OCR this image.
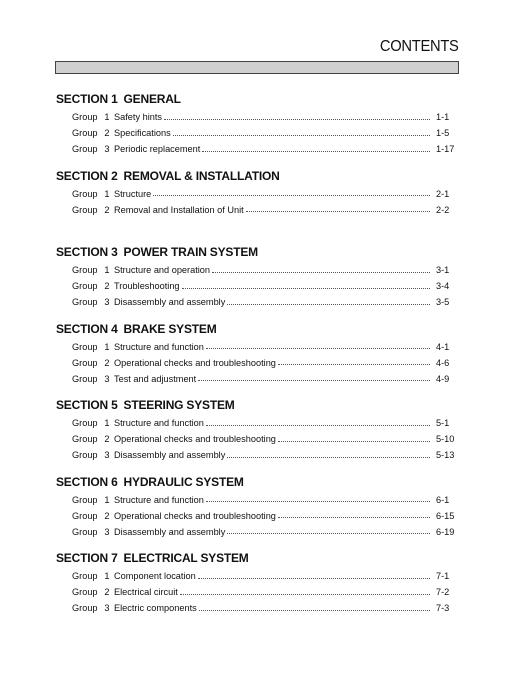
CONTENTS
SECTION 1 GENERAL
Group 1 Safety hints	1-1
Group 2 Specifications	1-5
Group 3 Periodic replacement	1-17
SECTION 2 REMOVAL & INSTALLATION
Group 1 Structure	2-1
Group 2 Removal and Installation of Unit	2-2
SECTION 3 POWER TRAIN SYSTEM
Group 1 Structure and operation	3-1
Group 2 Troubleshooting	3-4
Group 3 Disassembly and assembly	3-5
SECTION 4 BRAKE SYSTEM
Group 1 Structure and function	4-1
Group 2 Operational checks and troubleshooting	4-6
Group 3 Test and adjustment	4-9
SECTION 5 STEERING SYSTEM
Group 1 Structure and function	5-1
Group 2 Operational checks and troubleshooting	5-10
Group 3 Disassembly and assembly	5-13
SECTION 6 HYDRAULIC SYSTEM
Group 1 Structure and function	6-1
Group 2 Operational checks and troubleshooting	6-15
Group 3 Disassembly and assembly	6-19
SECTION 7 ELECTRICAL SYSTEM
Group 1 Component location	7-1
Group 2 Electrical circuit	7-2
Group 3 Electric components	7-3
